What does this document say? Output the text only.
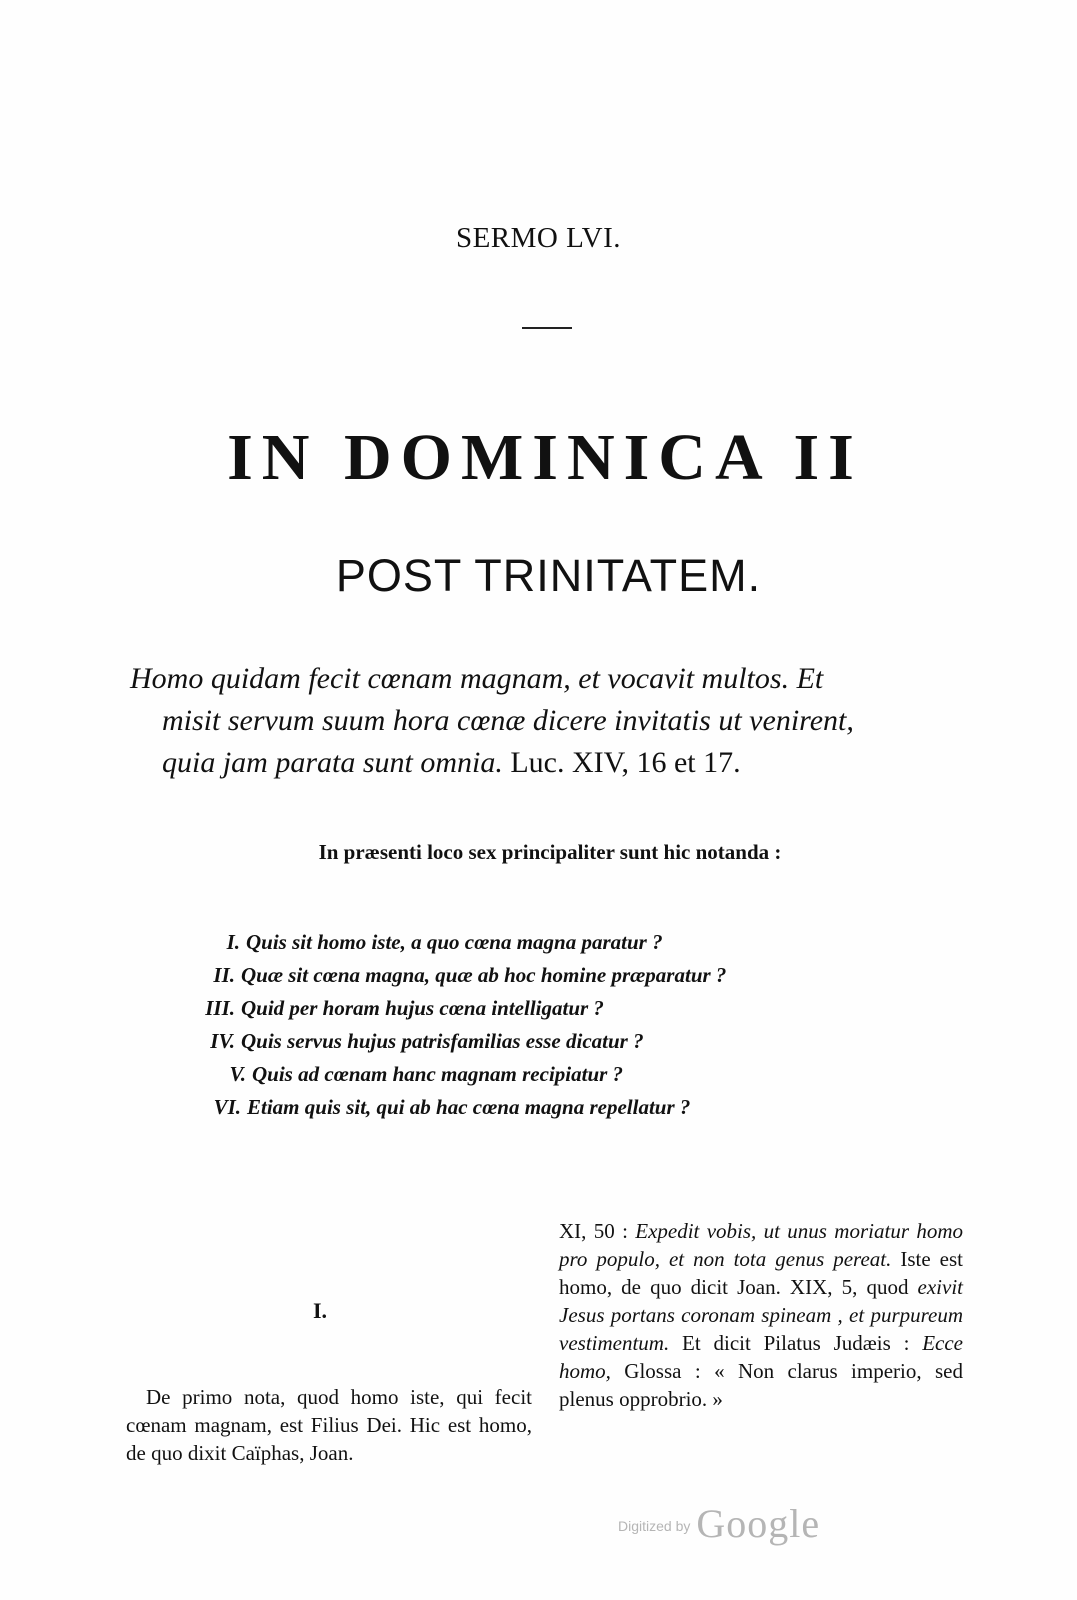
SERMO LVI.
IN DOMINICA II
POST TRINITATEM.
Homo quidam fecit cœnam magnam, et vocavit multos. Et
misit servum suum hora cœnæ dicere invitatis ut venirent,
quia jam parata sunt omnia. Luc. XIV, 16 et 17.
In præsenti loco sex principaliter sunt hic notanda :
I. Quis sit homo iste, a quo cœna magna paratur ?
II. Quæ sit cœna magna, quæ ab hoc homine præparatur ?
III. Quid per horam hujus cœna intelligatur ?
IV. Quis servus hujus patrisfamilias esse dicatur ?
V. Quis ad cœnam hanc magnam recipiatur ?
VI. Etiam quis sit, qui ab hac cœna magna repellatur ?
I.
De primo nota, quod homo iste, qui fecit cœnam magnam, est Filius Dei. Hic est homo, de quo dixit Caïphas, Joan.
XI, 50 : Expedit vobis, ut unus moriatur homo pro populo, et non tota genus pereat. Iste est homo, de quo dicit Joan. XIX, 5, quod exivit Jesus portans coronam spineam , et purpureum vestimentum. Et dicit Pilatus Judæis : Ecce homo, Glossa : « Non clarus imperio, sed plenus opprobrio. »
Digitized by Google
